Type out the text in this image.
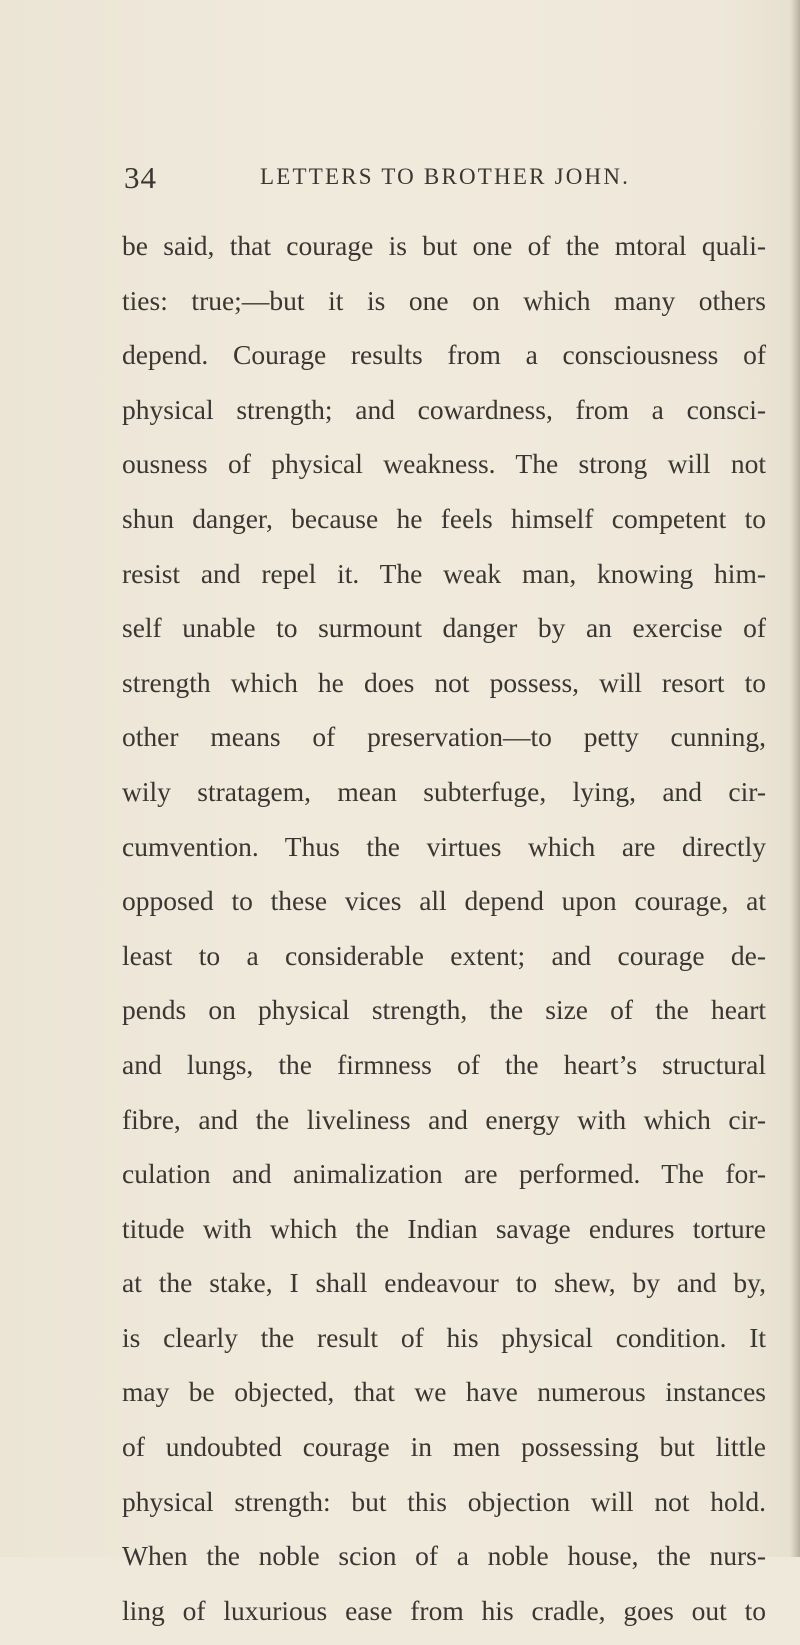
34	LETTERS TO BROTHER JOHN.
be said, that courage is but one of the mtoral quali-
ties: true;—but it is one on which many others
depend. Courage results from a consciousness of
physical strength; and cowardness, from a consci-
ousness of physical weakness. The strong will not
shun danger, because he feels himself competent to
resist and repel it. The weak man, knowing him-
self unable to surmount danger by an exercise of
strength which he does not possess, will resort to
other means of preservation—to petty cunning,
wily stratagem, mean subterfuge, lying, and cir-
cumvention. Thus the virtues which are directly
opposed to these vices all depend upon courage, at
least to a considerable extent; and courage de-
pends on physical strength, the size of the heart
and lungs, the firmness of the heart’s structural
fibre, and the liveliness and energy with which cir-
culation and animalization are performed. The for-
titude with which the Indian savage endures torture
at the stake, I shall endeavour to shew, by and by,
is clearly the result of his physical condition. It
may be objected, that we have numerous instances
of undoubted courage in men possessing but little
physical strength: but this objection will not hold.
When the noble scion of a noble house, the nurs-
ling of luxurious ease from his cradle, goes out to
